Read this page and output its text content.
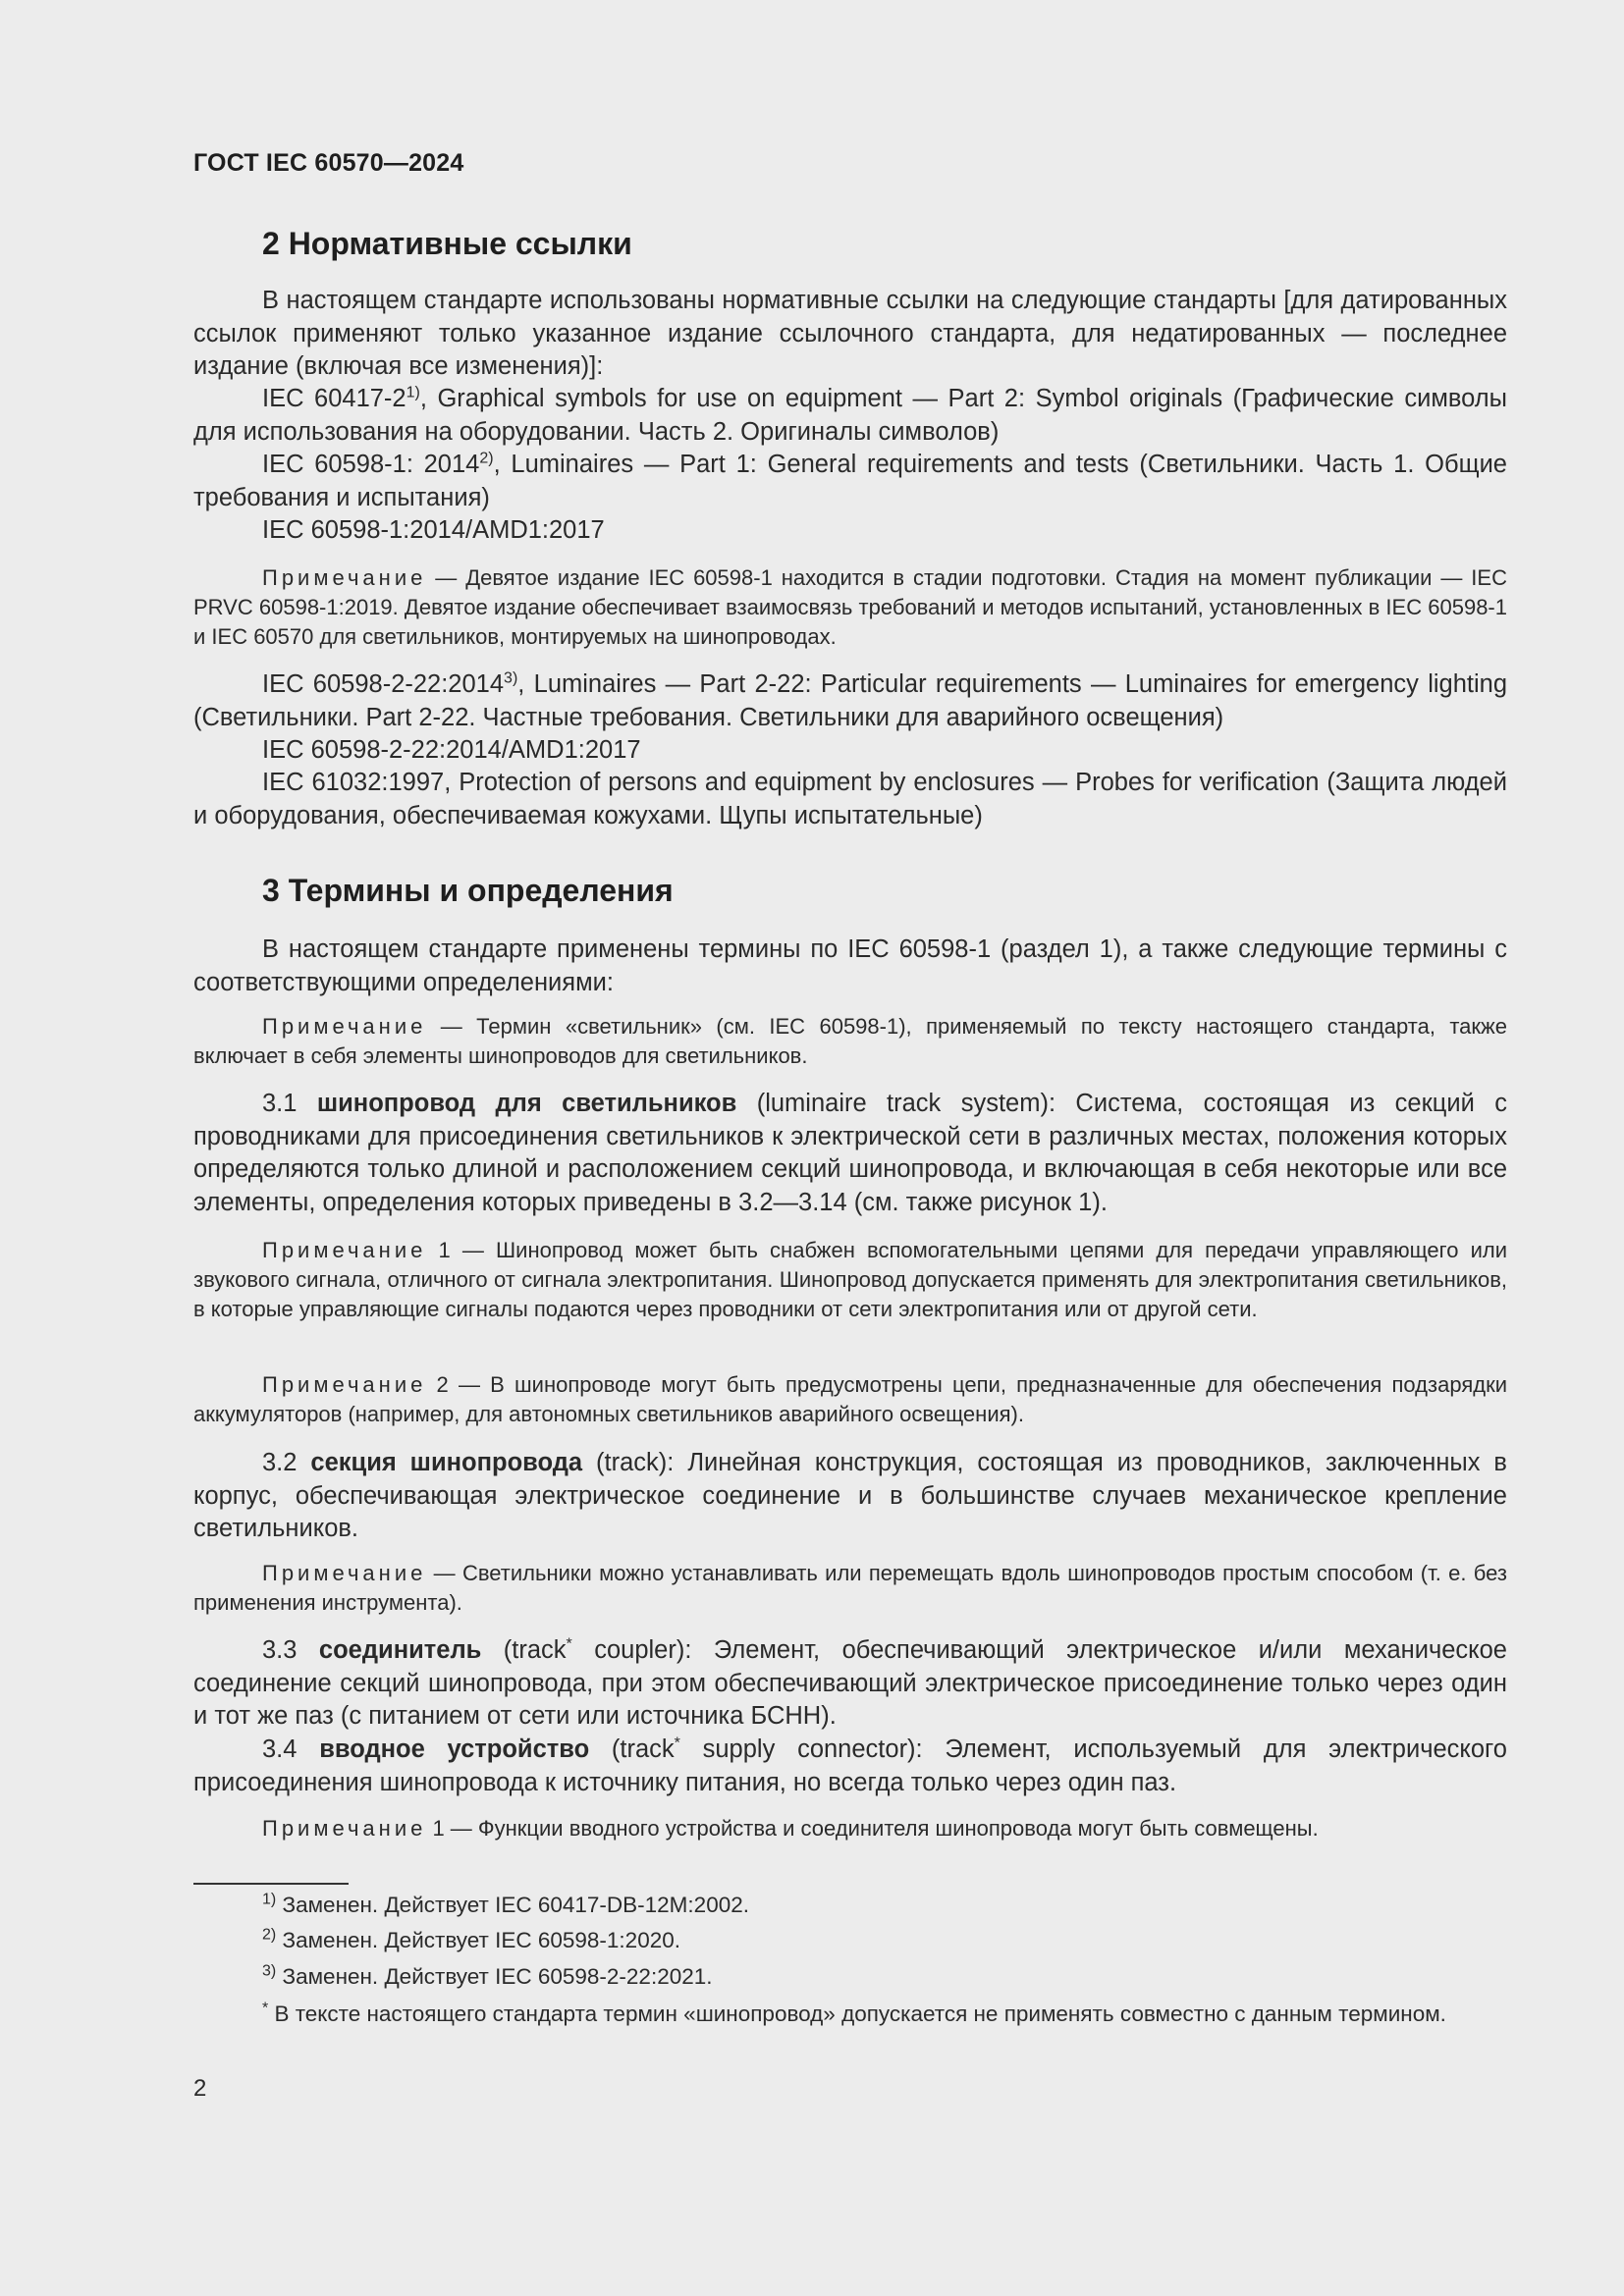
ГОСТ IEC 60570—2024
2 Нормативные ссылки

В настоящем стандарте использованы нормативные ссылки на следующие стандарты [для датированных ссылок применяют только указанное издание ссылочного стандарта, для недатированных — последнее издание (включая все изменения)]:

IEC 60417-2$^{1)}$, Graphical symbols for use on equipment — Part 2: Symbol originals (Графические символы для использования на оборудовании. Часть 2. Оригиналы символов)

IEC 60598-1: 2014$^{2)}$, Luminaires — Part 1: General requirements and tests (Светильники. Часть 1. Общие требования и испытания)

IEC 60598-1:2014/AMD1:2017

Примечание — Девятое издание IEC 60598-1 находится в стадии подготовки. Стадия на момент публикации — IEC PRVC 60598-1:2019. Девятое издание обеспечивает взаимосвязь требований и методов испытаний, установленных в IEC 60598-1 и IEC 60570 для светильников, монтируемых на шинопроводах.

IEC 60598-2-22:2014$^{3)}$, Luminaires — Part 2-22: Particular requirements — Luminaires for emergency lighting (Светильники. Part 2-22. Частные требования. Светильники для аварийного освещения)

IEC 60598-2-22:2014/AMD1:2017

IEC 61032:1997, Protection of persons and equipment by enclosures — Probes for verification (Защита людей и оборудования, обеспечиваемая кожухами. Щупы испытательные)

3 Термины и определения

В настоящем стандарте применены термины по IEC 60598-1 (раздел 1), а также следующие термины с соответствующими определениями:

Примечание — Термин «светильник» (см. IEC 60598-1), применяемый по тексту настоящего стандарта, также включает в себя элементы шинопроводов для светильников.

3.1 шинопровод для светильников (luminaire track system): Система, состоящая из секций с проводниками для присоединения светильников к электрической сети в различных местах, положения которых определяются только длиной и расположением секций шинопровода, и включающая в себя некоторые или все элементы, определения которых приведены в 3.2—3.14 (см. также рисунок 1).

Примечание 1 — Шинопровод может быть снабжен вспомогательными цепями для передачи управляющего или звукового сигнала, отличного от сигнала электропитания. Шинопровод допускается применять для электропитания светильников, в которые управляющие сигналы подаются через проводники от сети электропитания или от другой сети.

Примечание 2 — В шинопроводе могут быть предусмотрены цепи, предназначенные для обеспечения подзарядки аккумуляторов (например, для автономных светильников аварийного освещения).

3.2 секция шинопровода (track): Линейная конструкция, состоящая из проводников, заключенных в корпус, обеспечивающая электрическое соединение и в большинстве случаев механическое крепление светильников.

Примечание — Светильники можно устанавливать или перемещать вдоль шинопроводов простым способом (т. е. без применения инструмента).

3.3 соединитель (track* coupler): Элемент, обеспечивающий электрическое и/или механическое соединение секций шинопровода, при этом обеспечивающий электрическое присоединение только через один и тот же паз (с питанием от сети или источника БСНН).

3.4 вводное устройство (track* supply connector): Элемент, используемый для электрического присоединения шинопровода к источнику питания, но всегда только через один паз.

Примечание 1 — Функции вводного устройства и соединителя шинопровода могут быть совмещены.

$^{1)}$ Заменен. Действует IEC 60417-DB-12M:2002.

$^{2)}$ Заменен. Действует IEC 60598-1:2020.

$^{3)}$ Заменен. Действует IEC 60598-2-22:2021.

* В тексте настоящего стандарта термин «шинопровод» допускается не применять совместно с данным термином.

2
